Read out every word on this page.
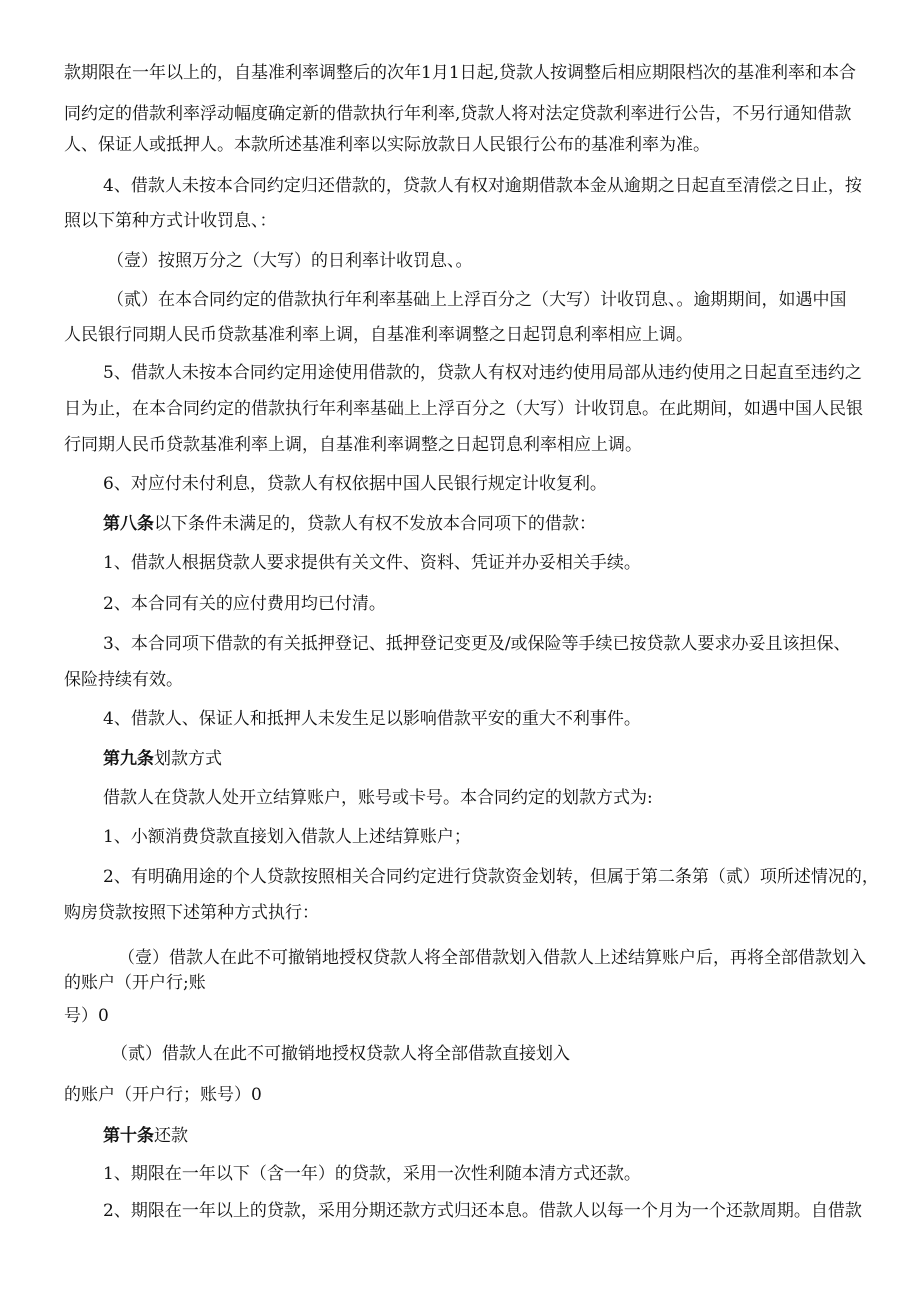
款期限在一年以上的，自基准利率调整后的次年1月1日起,贷款人按调整后相应期限档次的基准利率和本合
同约定的借款利率浮动幅度确定新的借款执行年利率,贷款人将对法定贷款利率进行公告，不另行通知借款
人、保证人或抵押人。本款所述基准利率以实际放款日人民银行公布的基准利率为准。
4、借款人未按本合同约定归还借款的，贷款人有权对逾期借款本金从逾期之日起直至清偿之日止，按
照以下第种方式计收罚息、：
（壹）按照万分之（大写）的日利率计收罚息、。
（贰）在本合同约定的借款执行年利率基础上上浮百分之（大写）计收罚息、。逾期期间，如遇中国
人民银行同期人民币贷款基准利率上调，自基准利率调整之日起罚息利率相应上调。
5、借款人未按本合同约定用途使用借款的，贷款人有权对违约使用局部从违约使用之日起直至违约之
日为止，在本合同约定的借款执行年利率基础上上浮百分之（大写）计收罚息。在此期间，如遇中国人民银
行同期人民币贷款基准利率上调，自基准利率调整之日起罚息利率相应上调。
6、对应付未付利息，贷款人有权依据中国人民银行规定计收复利。
第八条以下条件未满足的，贷款人有权不发放本合同项下的借款：
1、借款人根据贷款人要求提供有关文件、资料、凭证并办妥相关手续。
2、本合同有关的应付费用均已付清。
3、本合同项下借款的有关抵押登记、抵押登记变更及/或保险等手续已按贷款人要求办妥且该担保、
保险持续有效。
4、借款人、保证人和抵押人未发生足以影响借款平安的重大不利事件。
第九条划款方式
借款人在贷款人处开立结算账户，账号或卡号。本合同约定的划款方式为:
1、小额消费贷款直接划入借款人上述结算账户；
2、有明确用途的个人贷款按照相关合同约定进行贷款资金划转，但属于第二条第（贰）项所述情况的，
购房贷款按照下述第种方式执行：
（壹）借款人在此不可撤销地授权贷款人将全部借款划入借款人上述结算账户后，再将全部借款划入
的账户（开户行;账
号）0
（贰）借款人在此不可撤销地授权贷款人将全部借款直接划入
的账户（开户行；账号）0
第十条还款
1、期限在一年以下（含一年）的贷款，采用一次性利随本清方式还款。
2、期限在一年以上的贷款，采用分期还款方式归还本息。借款人以每一个月为一个还款周期。自借款
